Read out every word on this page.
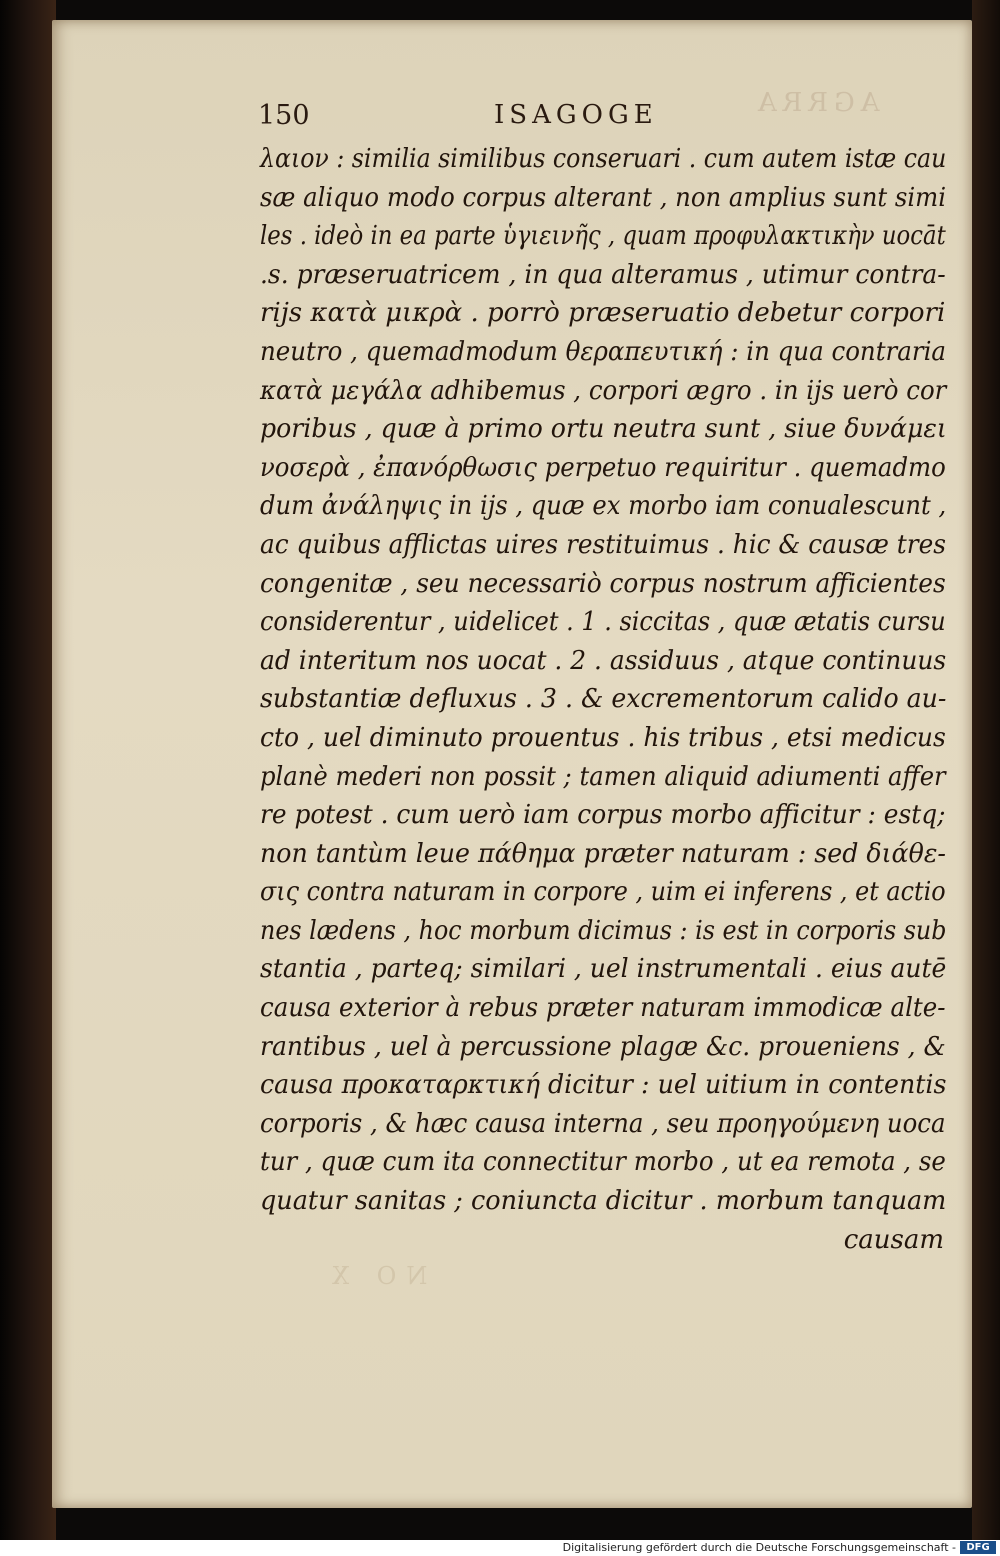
AGRRA
NO X
150	ISAGOGE
λαιον : similia similibus conseruari . cum autem istæ cau
sæ aliquo modo corpus alterant , non amplius sunt simi
les . ideò in ea parte ὑγιεινῆς , quam προφυλακτικὴν uocāt
.s. præseruatricem , in qua alteramus , utimur contra-
rijs κατὰ μικρὰ . porrò præseruatio debetur corpori
neutro , quemadmodum θεραπευτική : in qua contraria
κατὰ μεγάλα adhibemus , corpori ægro . in ijs uerò cor
poribus , quæ à primo ortu neutra sunt , siue δυνάμει
νοσερὰ , ἐπανόρθωσις perpetuo requiritur . quemadmo
dum ἀνάληψις in ijs , quæ ex morbo iam conualescunt ,
ac quibus afflictas uires restituimus . hic & causæ tres
congenitæ , seu necessariò corpus nostrum afficientes
considerentur , uidelicet . 1 . siccitas , quæ ætatis cursu
ad interitum nos uocat . 2 . assiduus , atque continuus
substantiæ defluxus . 3 . & excrementorum calido au-
cto , uel diminuto prouentus . his tribus , etsi medicus
planè mederi non possit ; tamen aliquid adiumenti affer
re potest . cum uerò iam corpus morbo afficitur : estq;
non tantùm leue πάθημα præter naturam : sed διάθε-
σις contra naturam in corpore , uim ei inferens , et actio
nes lædens , hoc morbum dicimus : is est in corporis sub
stantia , parteq; similari , uel instrumentali . eius autē
causa exterior à rebus præter naturam immodicæ alte-
rantibus , uel à percussione plagæ &c. proueniens , &
causa προκαταρκτική dicitur : uel uitium in contentis
corporis , & hæc causa interna , seu προηγούμενη uoca
tur , quæ cum ita connectitur morbo , ut ea remota , se
quatur sanitas ; coniuncta dicitur . morbum tanquam
causam
Digitalisierung gefördert durch die Deutsche Forschungsgemeinschaft -	DFG
